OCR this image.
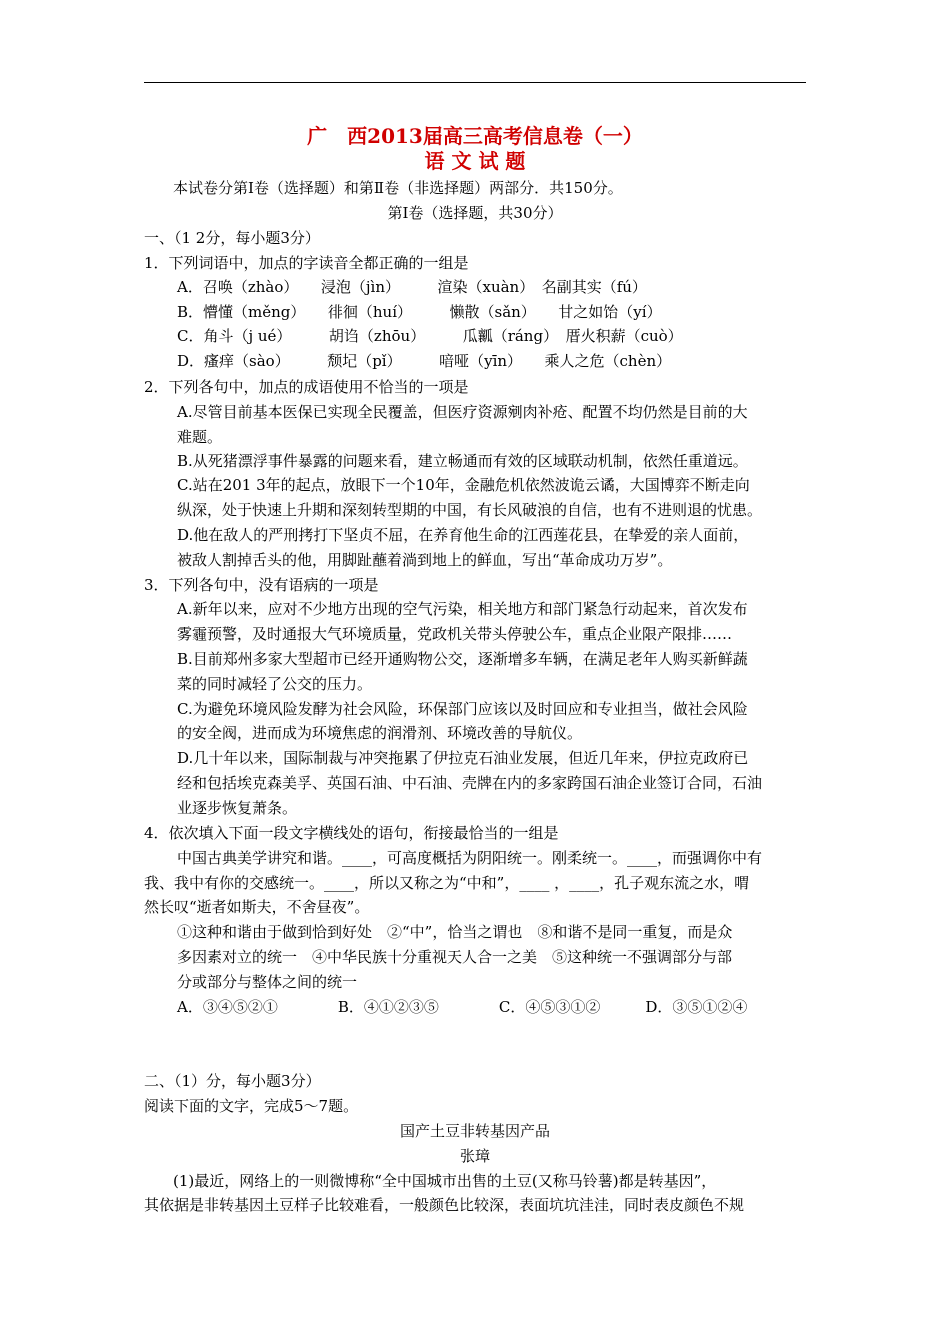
广　西2013届高三高考信息卷（一）
语 文 试 题
本试卷分第Ⅰ卷（选择题）和第Ⅱ卷（非选择题）两部分．共150分。
第Ⅰ卷（选择题，共30分）
一、（1 2分，每小题3分）
1．下列词语中，加点的字读音全都正确的一组是
A．召唤（zhào）　　浸泡（jìn）　　　渲染（xuàn）　名副其实（fú）
B．懵懂（měng）　　徘徊（huí）　　　懒散（sǎn）　　甘之如饴（yí）
C．角斗（j ué）　　　胡诌（zhōu）　　　瓜瓤（ráng）　厝火积薪（cuò）
D．瘙痒（sào）　　　颓圮（pǐ）　　　喑哑（yīn）　　乘人之危（chèn）
2．下列各句中，加点的成语使用不恰当的一项是
A.尽管目前基本医保已实现全民覆盖，但医疗资源剜肉补疮、配置不均仍然是目前的大
难题。
B.从死猪漂浮事件暴露的问题来看，建立畅通而有效的区域联动机制，依然任重道远。
C.站在201 3年的起点，放眼下一个10年，金融危机依然波诡云谲，大国博弈不断走向
纵深，处于快速上升期和深刻转型期的中国，有长风破浪的自信，也有不进则退的忧患。
D.他在敌人的严刑拷打下坚贞不屈，在养育他生命的江西莲花县，在挚爱的亲人面前，
被敌人割掉舌头的他，用脚趾蘸着淌到地上的鲜血，写出“革命成功万岁”。
3．下列各句中，没有语病的一项是
A.新年以来，应对不少地方出现的空气污染，相关地方和部门紧急行动起来，首次发布
雾霾预警，及时通报大气环境质量，党政机关带头停驶公车，重点企业限产限排……
B.目前郑州多家大型超市已经开通购物公交，逐渐增多车辆，在满足老年人购买新鲜蔬
菜的同时减轻了公交的压力。
C.为避免环境风险发酵为社会风险，环保部门应该以及时回应和专业担当，做社会风险
的安全阀，进而成为环境焦虑的润滑剂、环境改善的导航仪。
D.几十年以来，国际制裁与冲突拖累了伊拉克石油业发展，但近几年来，伊拉克政府已
经和包括埃克森美孚、英国石油、中石油、壳牌在内的多家跨国石油企业签订合同，石油
业逐步恢复萧条。
4．依次填入下面一段文字横线处的语句，衔接最恰当的一组是
中国古典美学讲究和谐。____，可高度概括为阴阳统一。刚柔统一。____，而强调你中有
我、我中有你的交感统一。____，所以又称之为“中和”，____ ，____，孔子观东流之水，喟
然长叹“逝者如斯夫，不舍昼夜”。
①这种和谐由于做到恰到好处　②“中”，恰当之谓也　⑧和谐不是同一重复，而是众
多因素对立的统一　④中华民族十分重视天人合一之美　⑤这种统一不强调部分与部
分或部分与整体之间的统一
A．③④⑤②①　　　　B．④①②③⑤　　　　C．④⑤③①②　　　D．③⑤①②④
二、（1）分，每小题3分）
阅读下面的文字，完成5～7题。
国产土豆非转基因产品
张璋
(1)最近，网络上的一则微博称“全中国城市出售的土豆(又称马铃薯)都是转基因”，
其依据是非转基因土豆样子比较难看，一般颜色比较深，表面坑坑洼洼，同时表皮颜色不规
